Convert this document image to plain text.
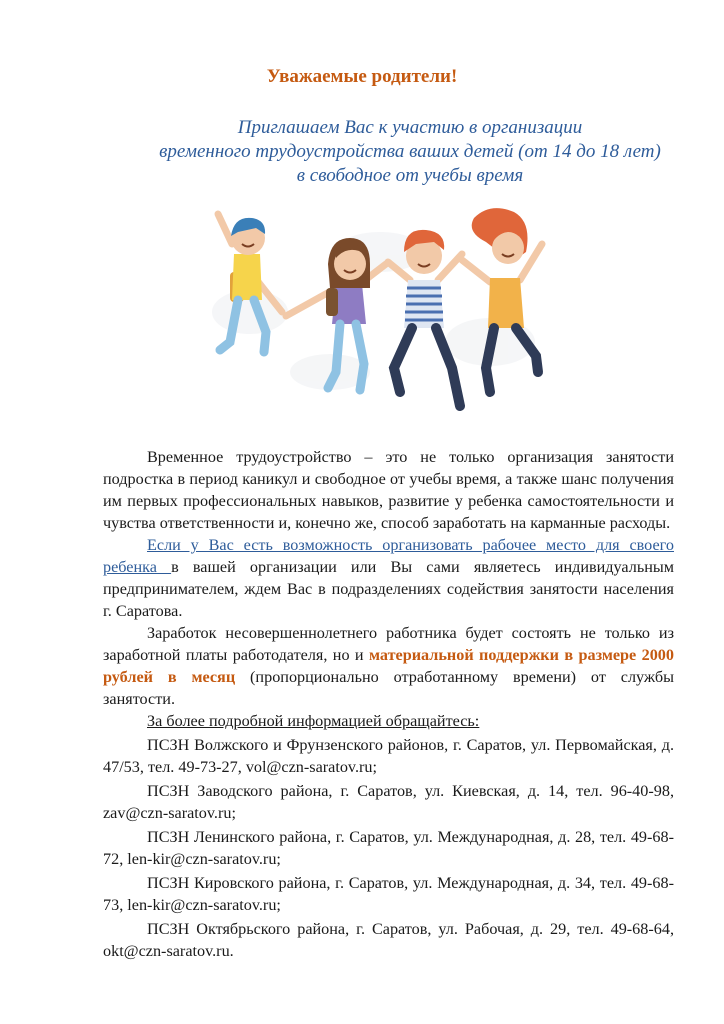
Уважаемые родители!
Приглашаем Вас к участию в организации
временного трудоустройства ваших детей (от 14 до 18 лет)
в свободное от учебы время

Временное трудоустройство – это не только организация занятости подростка в период каникул и свободное от учебы время, а также шанс получения им первых профессиональных навыков, развитие у ребенка самостоятельности и чувства ответственности и, конечно же, способ заработать на карманные расходы.

Если у Вас есть возможность организовать рабочее место для своего ребенка в вашей организации или Вы сами являетесь индивидуальным предпринимателем, ждем Вас в подразделениях содействия занятости населения г. Саратова.

Заработок несовершеннолетнего работника будет состоять не только из заработной платы работодателя, но и материальной поддержки в размере 2000 рублей в месяц (пропорционально отработанному времени) от службы занятости.

За более подробной информацией обращайтесь:

ПСЗН Волжского и Фрунзенского районов, г. Саратов, ул. Первомайская, д. 47/53, тел. 49-73-27, vol@czn-saratov.ru;

ПСЗН Заводского района, г. Саратов, ул. Киевская, д. 14, тел. 96-40-98, zav@czn-saratov.ru;

ПСЗН Ленинского района, г. Саратов, ул. Международная, д. 28, тел. 49-68-72, len-kir@czn-saratov.ru;

ПСЗН Кировского района, г. Саратов, ул. Международная, д. 34, тел. 49-68-73, len-kir@czn-saratov.ru;

ПСЗН Октябрьского района, г. Саратов, ул. Рабочая, д. 29, тел. 49-68-64, okt@czn-saratov.ru.
